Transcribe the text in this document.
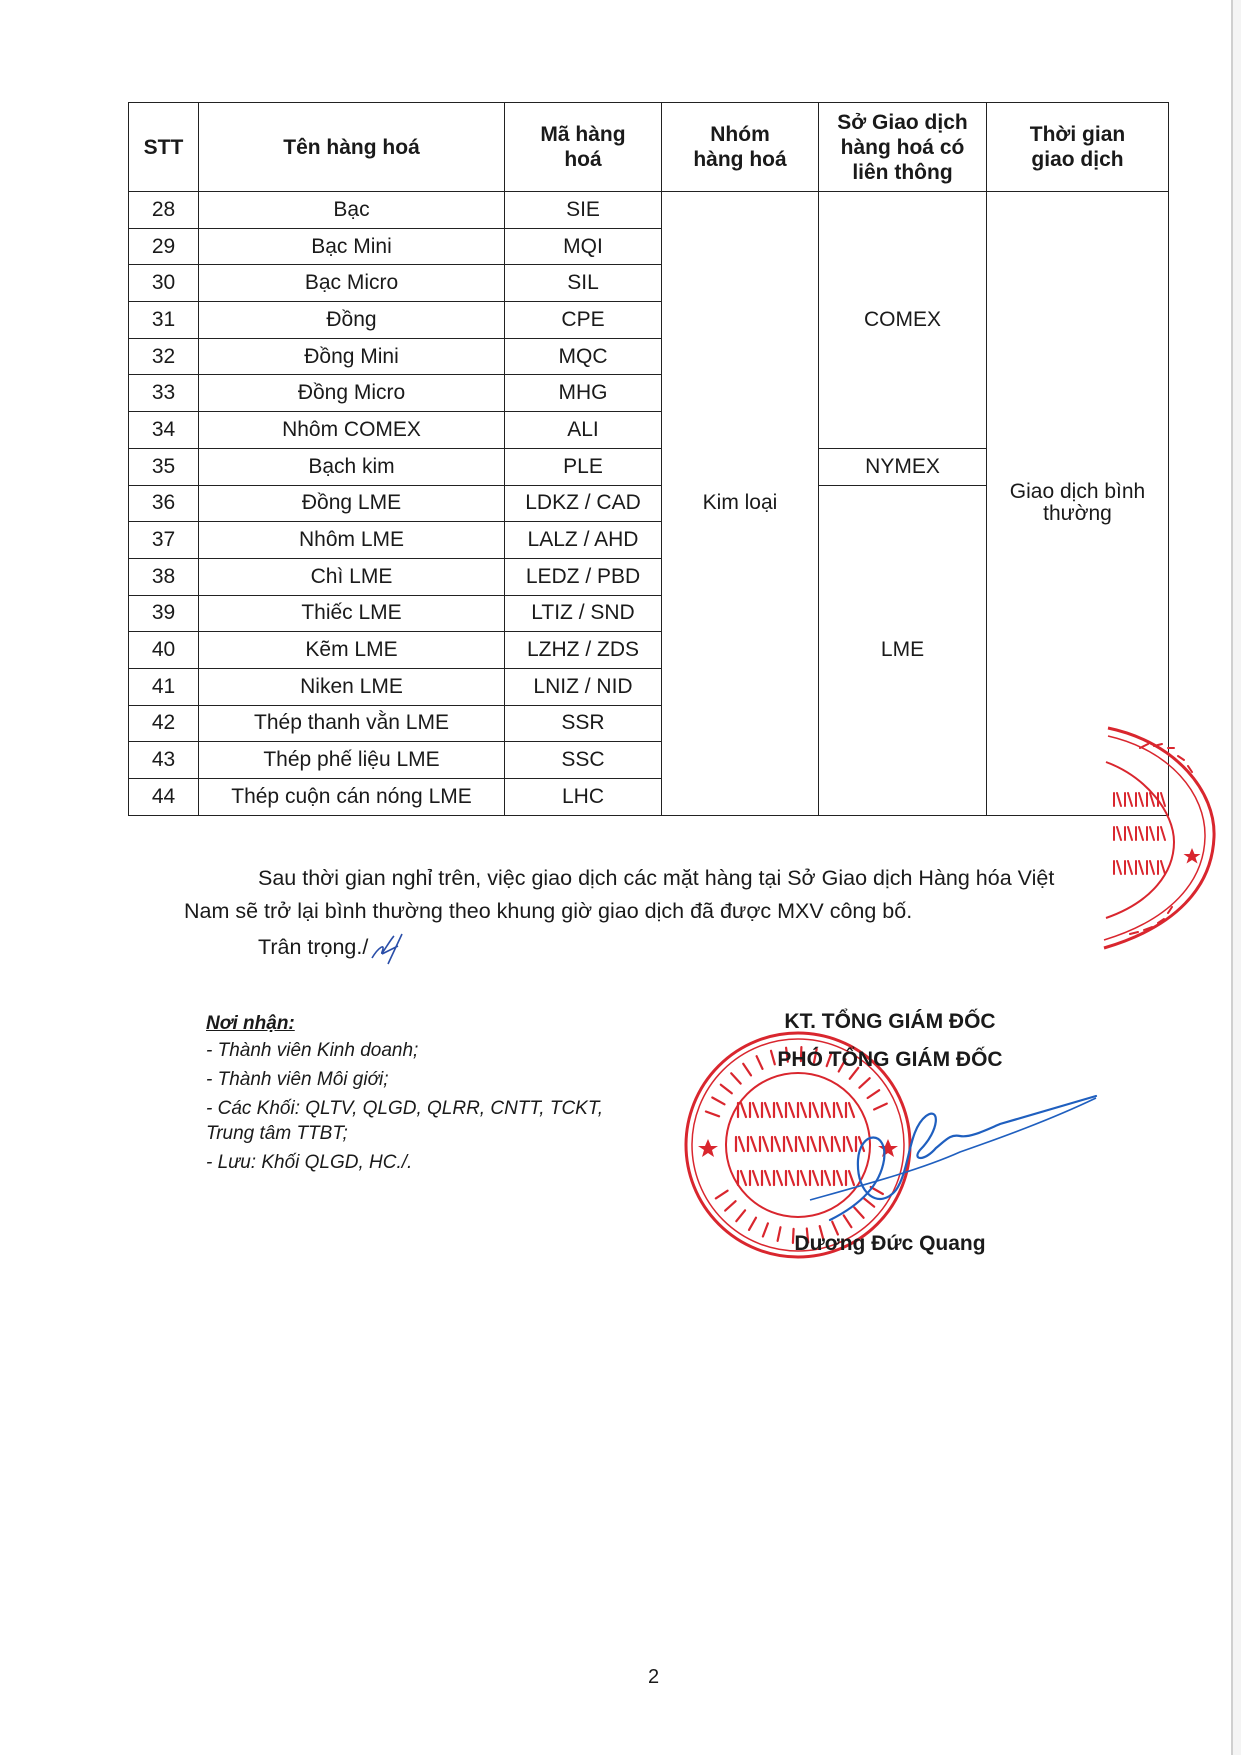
STT	Tên hàng hoá	Mã hàng hoá	Nhóm hàng hoá	Sở Giao dịch hàng hoá có liên thông	Thời gian giao dịch
28	Bạc	SIE	Kim loại	COMEX	Giao dịch bình thường
29	Bạc Mini	MQI			
30	Bạc Micro	SIL			
31	Đồng	CPE			
32	Đồng Mini	MQC			
33	Đồng Micro	MHG			
34	Nhôm COMEX	ALI			
35	Bạch kim	PLE		NYMEX	
36	Đồng LME	LDKZ / CAD		LME	
37	Nhôm LME	LALZ / AHD			
38	Chì LME	LEDZ / PBD			
39	Thiếc LME	LTIZ / SND			
40	Kẽm LME	LZHZ / ZDS			
41	Niken LME	LNIZ / NID			
42	Thép thanh vằn LME	SSR			
43	Thép phế liệu LME	SSC			
44	Thép cuộn cán nóng LME	LHC			
Sau thời gian nghỉ trên, việc giao dịch các mặt hàng tại Sở Giao dịch Hàng hóa Việt
Nam sẽ trở lại bình thường theo khung giờ giao dịch đã được MXV công bố.
Trân trọng./
Nơi nhận:
- Thành viên Kinh doanh;
- Thành viên Môi giới;
- Các Khối: QLTV, QLGD, QLRR, CNTT, TCKT, Trung tâm TTBT;
- Lưu: Khối QLGD, HC./.
KT. TỔNG GIÁM ĐỐC
PHÓ TỔNG GIÁM ĐỐC
Dương Đức Quang
2
